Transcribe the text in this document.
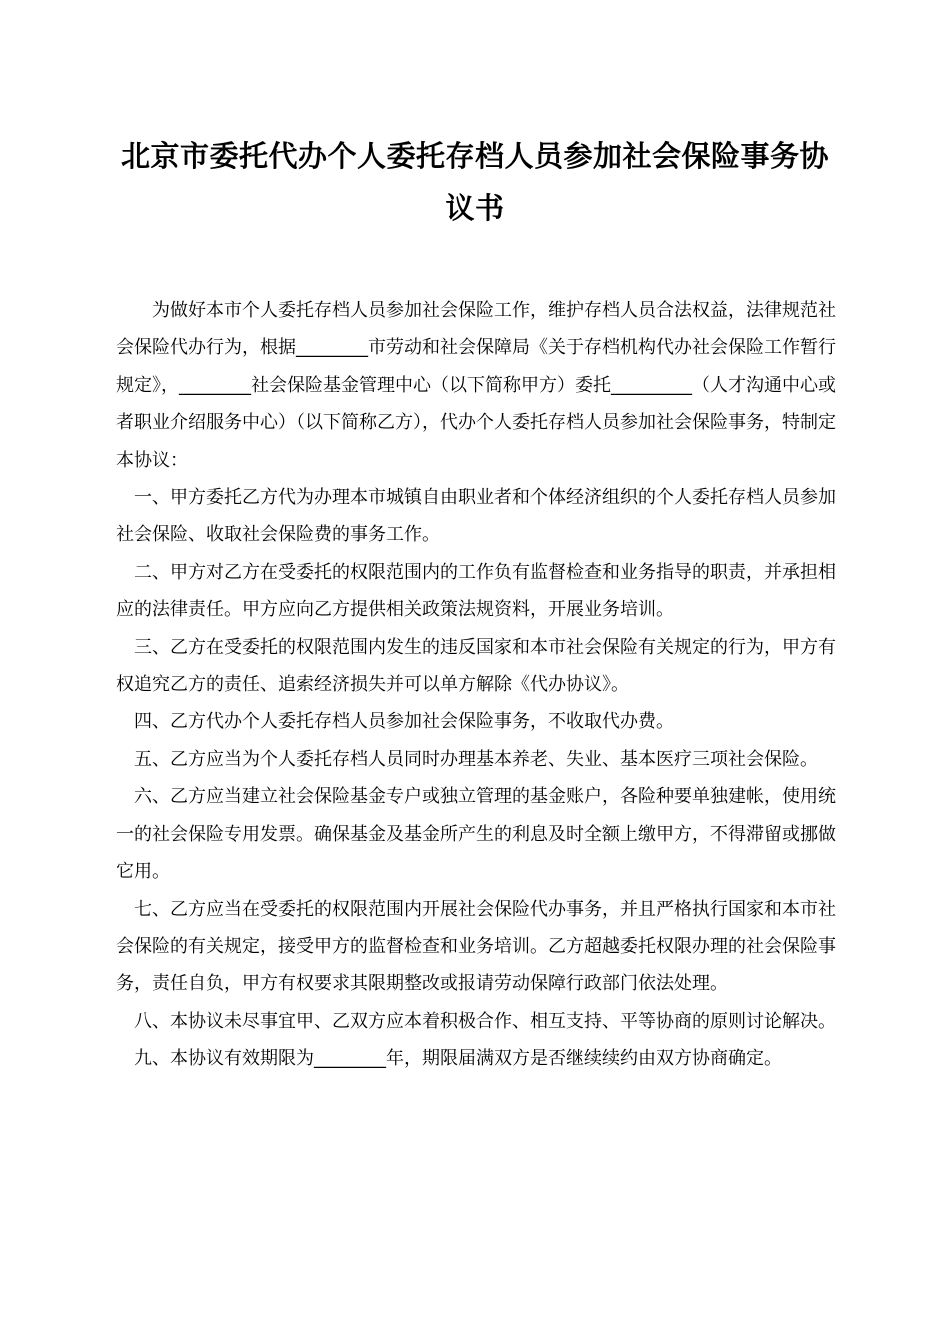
北京市委托代办个人委托存档人员参加社会保险事务协议书

为做好本市个人委托存档人员参加社会保险工作，维护存档人员合法权益，法律规范社会保险代办行为，根据________市劳动和社会保障局《关于存档机构代办社会保险工作暂行规定》，________社会保险基金管理中心（以下简称甲方）委托_________（人才沟通中心或者职业介绍服务中心）（以下简称乙方），代办个人委托存档人员参加社会保险事务，特制定本协议：

一、甲方委托乙方代为办理本市城镇自由职业者和个体经济组织的个人委托存档人员参加社会保险、收取社会保险费的事务工作。

二、甲方对乙方在受委托的权限范围内的工作负有监督检查和业务指导的职责，并承担相应的法律责任。甲方应向乙方提供相关政策法规资料，开展业务培训。

三、乙方在受委托的权限范围内发生的违反国家和本市社会保险有关规定的行为，甲方有权追究乙方的责任、追索经济损失并可以单方解除《代办协议》。

四、乙方代办个人委托存档人员参加社会保险事务，不收取代办费。

五、乙方应当为个人委托存档人员同时办理基本养老、失业、基本医疗三项社会保险。

六、乙方应当建立社会保险基金专户或独立管理的基金账户，各险种要单独建帐，使用统一的社会保险专用发票。确保基金及基金所产生的利息及时全额上缴甲方，不得滞留或挪做它用。

七、乙方应当在受委托的权限范围内开展社会保险代办事务，并且严格执行国家和本市社会保险的有关规定，接受甲方的监督检查和业务培训。乙方超越委托权限办理的社会保险事务，责任自负，甲方有权要求其限期整改或报请劳动保障行政部门依法处理。

八、本协议未尽事宜甲、乙双方应本着积极合作、相互支持、平等协商的原则讨论解决。

九、本协议有效期限为________年，期限届满双方是否继续续约由双方协商确定。
